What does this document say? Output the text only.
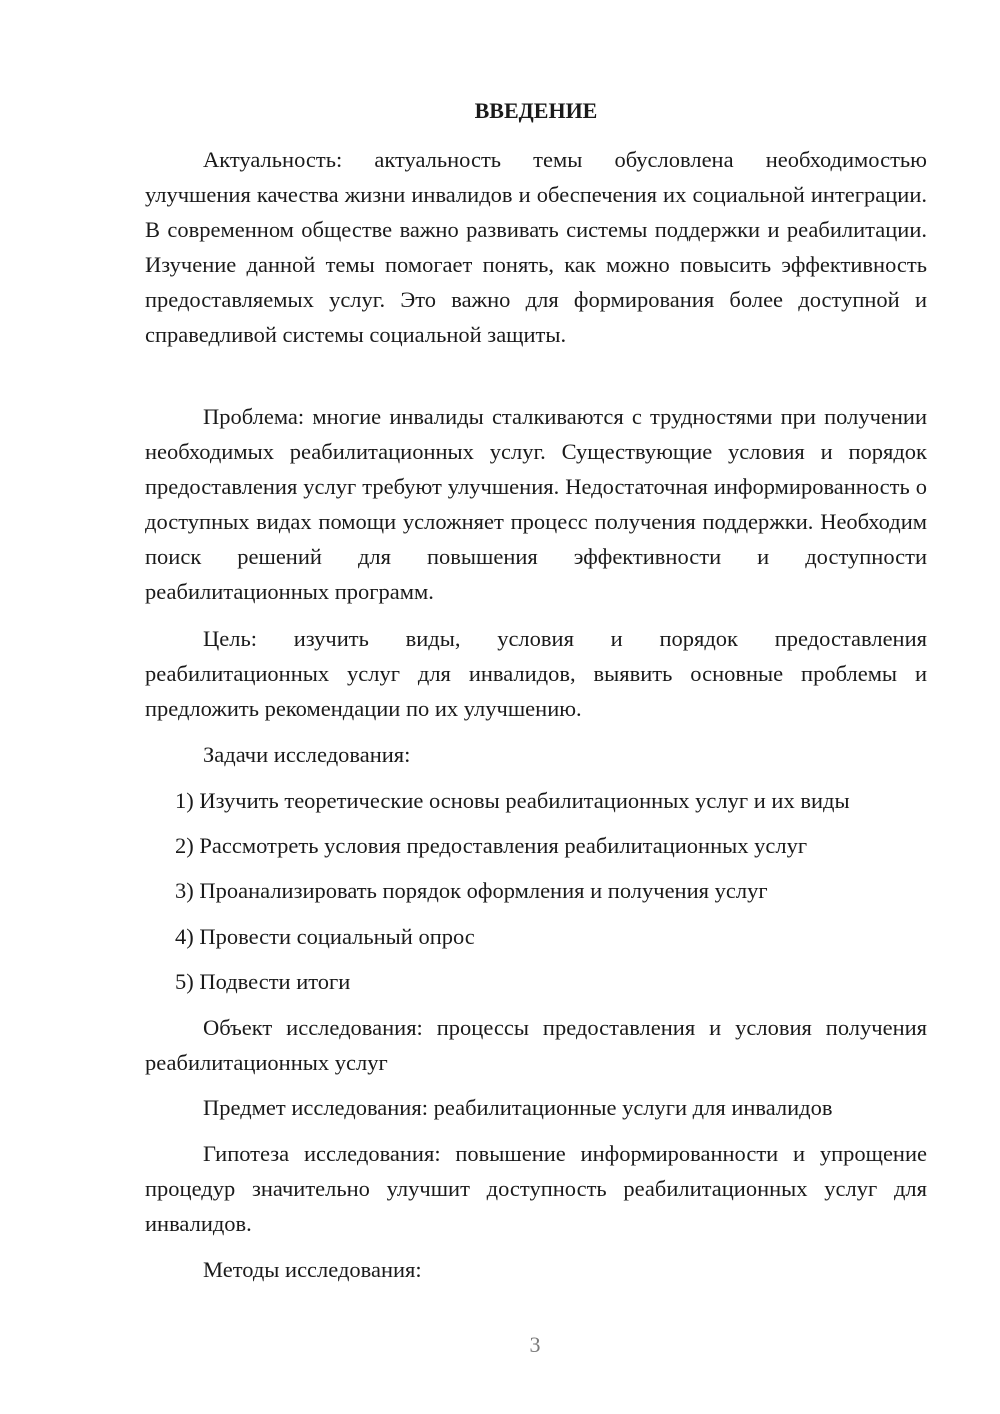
ВВЕДЕНИЕ

Актуальность: актуальность темы обусловлена необходимостью улучшения качества жизни инвалидов и обеспечения их социальной интеграции. В современном обществе важно развивать системы поддержки и реабилитации. Изучение данной темы помогает понять, как можно повысить эффективность предоставляемых услуг. Это важно для формирования более доступной и справедливой системы социальной защиты.

Проблема: многие инвалиды сталкиваются с трудностями при получении необходимых реабилитационных услуг. Существующие условия и порядок предоставления услуг требуют улучшения. Недостаточная информированность о доступных видах помощи усложняет процесс получения поддержки. Необходим поиск решений для повышения эффективности и доступности реабилитационных программ.

Цель: изучить виды, условия и порядок предоставления реабилитационных услуг для инвалидов, выявить основные проблемы и предложить рекомендации по их улучшению.

Задачи исследования:

1) Изучить теоретические основы реабилитационных услуг и их виды

2) Рассмотреть условия предоставления реабилитационных услуг

3) Проанализировать порядок оформления и получения услуг

4) Провести социальный опрос

5) Подвести итоги

Объект исследования: процессы предоставления и условия получения реабилитационных услуг

Предмет исследования: реабилитационные услуги для инвалидов

Гипотеза исследования: повышение информированности и упрощение процедур значительно улучшит доступность реабилитационных услуг для инвалидов.

Методы исследования:

3
